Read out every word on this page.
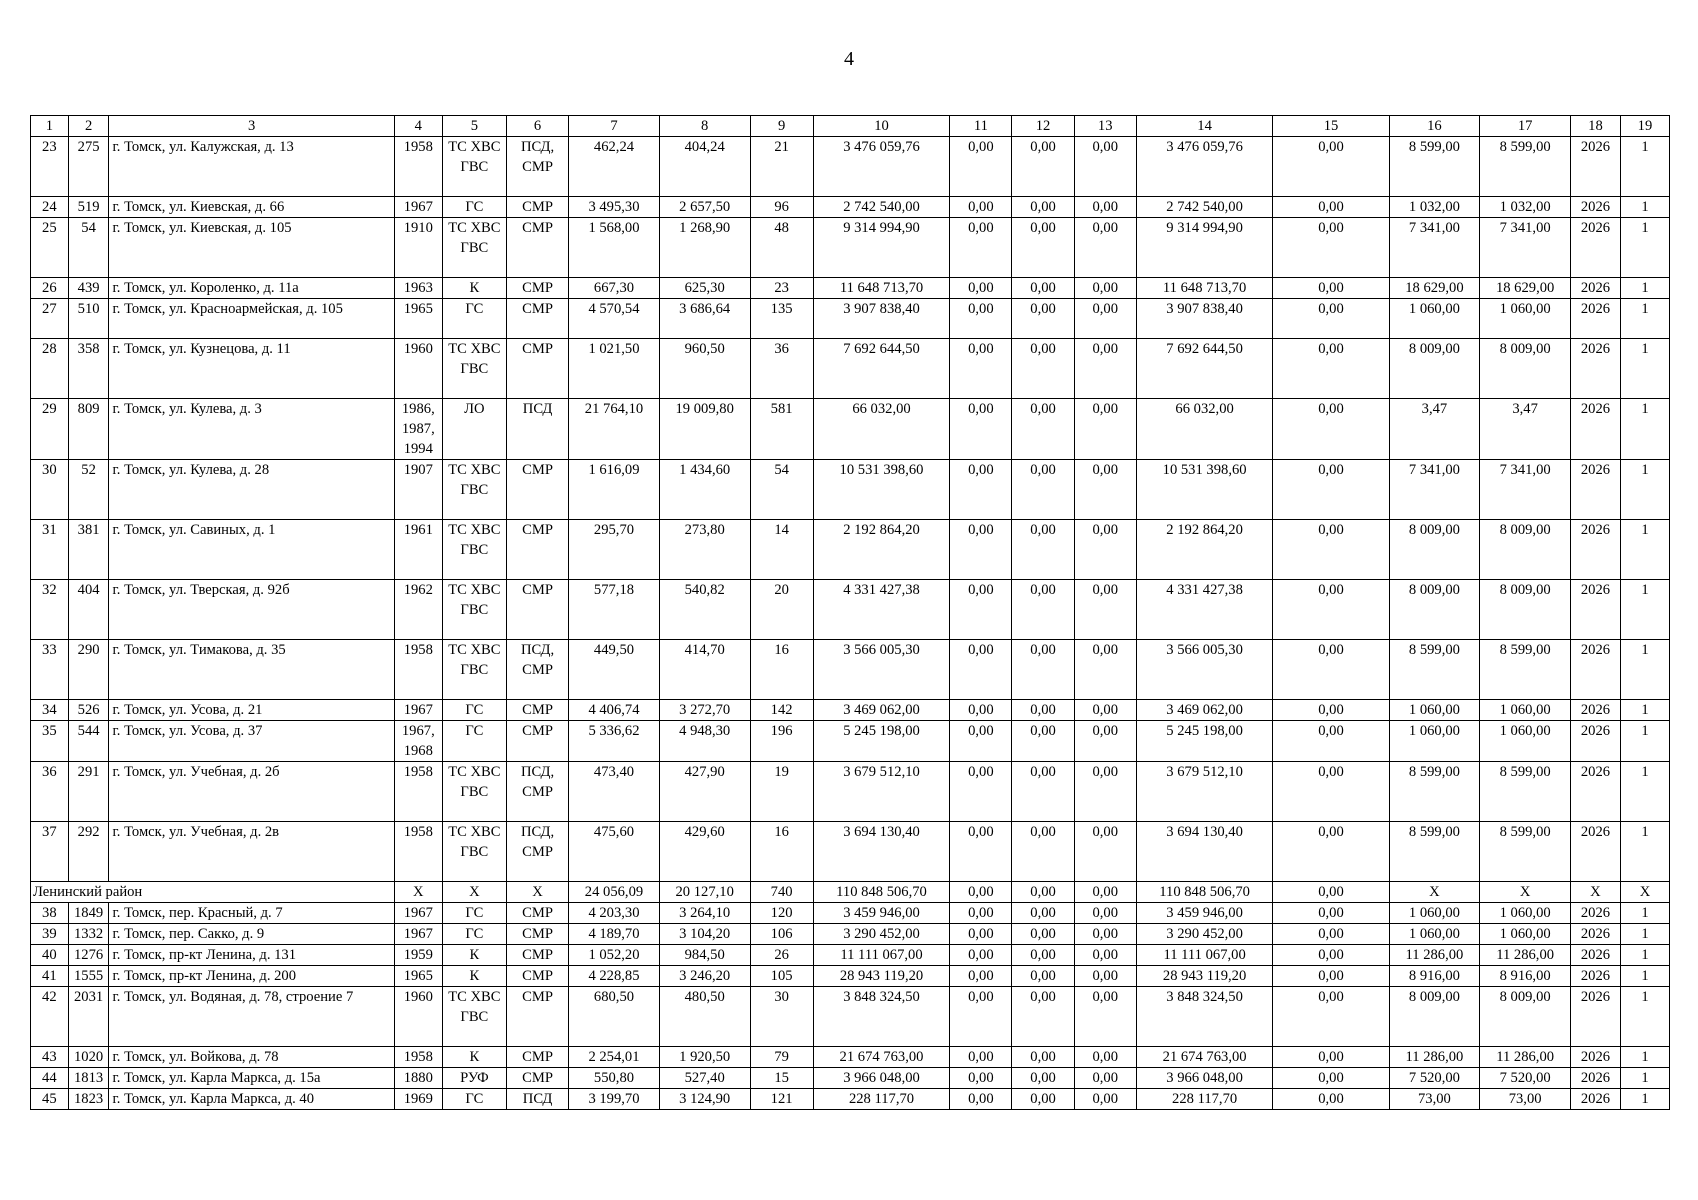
4
1	2	3	4	5	6	7	8	9	10	11	12	13	14	15	16	17	18	19
23	275	г. Томск, ул. Калужская, д. 13	1958	ТС ХВС ГВС	ПСД, СМР	462,24	404,24	21	3 476 059,76	0,00	0,00	0,00	3 476 059,76	0,00	8 599,00	8 599,00	2026	1
24	519	г. Томск, ул. Киевская, д. 66	1967	ГС	СМР	3 495,30	2 657,50	96	2 742 540,00	0,00	0,00	0,00	2 742 540,00	0,00	1 032,00	1 032,00	2026	1
25	54	г. Томск, ул. Киевская, д. 105	1910	ТС ХВС ГВС	СМР	1 568,00	1 268,90	48	9 314 994,90	0,00	0,00	0,00	9 314 994,90	0,00	7 341,00	7 341,00	2026	1
26	439	г. Томск, ул. Короленко, д. 11а	1963	К	СМР	667,30	625,30	23	11 648 713,70	0,00	0,00	0,00	11 648 713,70	0,00	18 629,00	18 629,00	2026	1
27	510	г. Томск, ул. Красноармейская, д. 105	1965	ГС	СМР	4 570,54	3 686,64	135	3 907 838,40	0,00	0,00	0,00	3 907 838,40	0,00	1 060,00	1 060,00	2026	1
28	358	г. Томск, ул. Кузнецова, д. 11	1960	ТС ХВС ГВС	СМР	1 021,50	960,50	36	7 692 644,50	0,00	0,00	0,00	7 692 644,50	0,00	8 009,00	8 009,00	2026	1
29	809	г. Томск, ул. Кулева, д. 3	1986, 1987, 1994	ЛО	ПСД	21 764,10	19 009,80	581	66 032,00	0,00	0,00	0,00	66 032,00	0,00	3,47	3,47	2026	1
30	52	г. Томск, ул. Кулева, д. 28	1907	ТС ХВС ГВС	СМР	1 616,09	1 434,60	54	10 531 398,60	0,00	0,00	0,00	10 531 398,60	0,00	7 341,00	7 341,00	2026	1
31	381	г. Томск, ул. Савиных, д. 1	1961	ТС ХВС ГВС	СМР	295,70	273,80	14	2 192 864,20	0,00	0,00	0,00	2 192 864,20	0,00	8 009,00	8 009,00	2026	1
32	404	г. Томск, ул. Тверская, д. 92б	1962	ТС ХВС ГВС	СМР	577,18	540,82	20	4 331 427,38	0,00	0,00	0,00	4 331 427,38	0,00	8 009,00	8 009,00	2026	1
33	290	г. Томск, ул. Тимакова, д. 35	1958	ТС ХВС ГВС	ПСД, СМР	449,50	414,70	16	3 566 005,30	0,00	0,00	0,00	3 566 005,30	0,00	8 599,00	8 599,00	2026	1
34	526	г. Томск, ул. Усова, д. 21	1967	ГС	СМР	4 406,74	3 272,70	142	3 469 062,00	0,00	0,00	0,00	3 469 062,00	0,00	1 060,00	1 060,00	2026	1
35	544	г. Томск, ул. Усова, д. 37	1967, 1968	ГС	СМР	5 336,62	4 948,30	196	5 245 198,00	0,00	0,00	0,00	5 245 198,00	0,00	1 060,00	1 060,00	2026	1
36	291	г. Томск, ул. Учебная, д. 2б	1958	ТС ХВС ГВС	ПСД, СМР	473,40	427,90	19	3 679 512,10	0,00	0,00	0,00	3 679 512,10	0,00	8 599,00	8 599,00	2026	1
37	292	г. Томск, ул. Учебная, д. 2в	1958	ТС ХВС ГВС	ПСД, СМР	475,60	429,60	16	3 694 130,40	0,00	0,00	0,00	3 694 130,40	0,00	8 599,00	8 599,00	2026	1
Ленинский район			Х	Х	Х	24 056,09	20 127,10	740	110 848 506,70	0,00	0,00	0,00	110 848 506,70	0,00	Х	Х	Х	Х
38	1849	г. Томск, пер. Красный, д. 7	1967	ГС	СМР	4 203,30	3 264,10	120	3 459 946,00	0,00	0,00	0,00	3 459 946,00	0,00	1 060,00	1 060,00	2026	1
39	1332	г. Томск, пер. Сакко, д. 9	1967	ГС	СМР	4 189,70	3 104,20	106	3 290 452,00	0,00	0,00	0,00	3 290 452,00	0,00	1 060,00	1 060,00	2026	1
40	1276	г. Томск, пр-кт Ленина, д. 131	1959	К	СМР	1 052,20	984,50	26	11 111 067,00	0,00	0,00	0,00	11 111 067,00	0,00	11 286,00	11 286,00	2026	1
41	1555	г. Томск, пр-кт Ленина, д. 200	1965	К	СМР	4 228,85	3 246,20	105	28 943 119,20	0,00	0,00	0,00	28 943 119,20	0,00	8 916,00	8 916,00	2026	1
42	2031	г. Томск, ул. Водяная, д. 78, строение 7	1960	ТС ХВС ГВС	СМР	680,50	480,50	30	3 848 324,50	0,00	0,00	0,00	3 848 324,50	0,00	8 009,00	8 009,00	2026	1
43	1020	г. Томск, ул. Войкова, д. 78	1958	К	СМР	2 254,01	1 920,50	79	21 674 763,00	0,00	0,00	0,00	21 674 763,00	0,00	11 286,00	11 286,00	2026	1
44	1813	г. Томск, ул. Карла Маркса, д. 15а	1880	РУФ	СМР	550,80	527,40	15	3 966 048,00	0,00	0,00	0,00	3 966 048,00	0,00	7 520,00	7 520,00	2026	1
45	1823	г. Томск, ул. Карла Маркса, д. 40	1969	ГС	ПСД	3 199,70	3 124,90	121	228 117,70	0,00	0,00	0,00	228 117,70	0,00	73,00	73,00	2026	1
